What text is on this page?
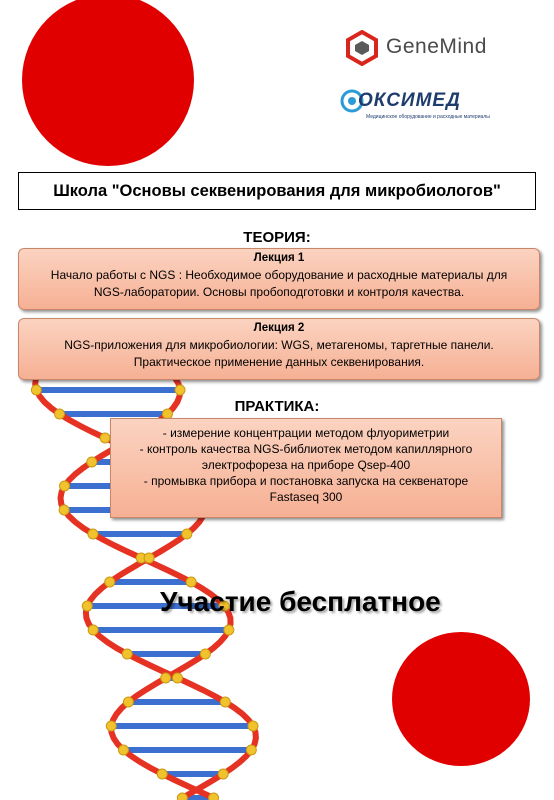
GeneMind
ОКСИМЕД
Медицинское оборудование и расходные материалы
Школа "Основы секвенирования для микробиологов"
ТЕОРИЯ:
Лекция 1
Начало работы с NGS : Необходимое оборудование и расходные материалы для
NGS-лаборатории. Основы пробоподготовки и контроля качества.
Лекция 2
NGS-приложения для микробиологии: WGS, метагеномы, таргетные панели.
Практическое применение данных секвенирования.
ПРАКТИКА:
- измерение концентрации методом флуориметрии
- контроль качества NGS-библиотек методом капиллярного
электрофореза на приборе Qsep-400
- промывка прибора и постановка запуска на секвенаторе
Fastaseq 300
Участие бесплатное
